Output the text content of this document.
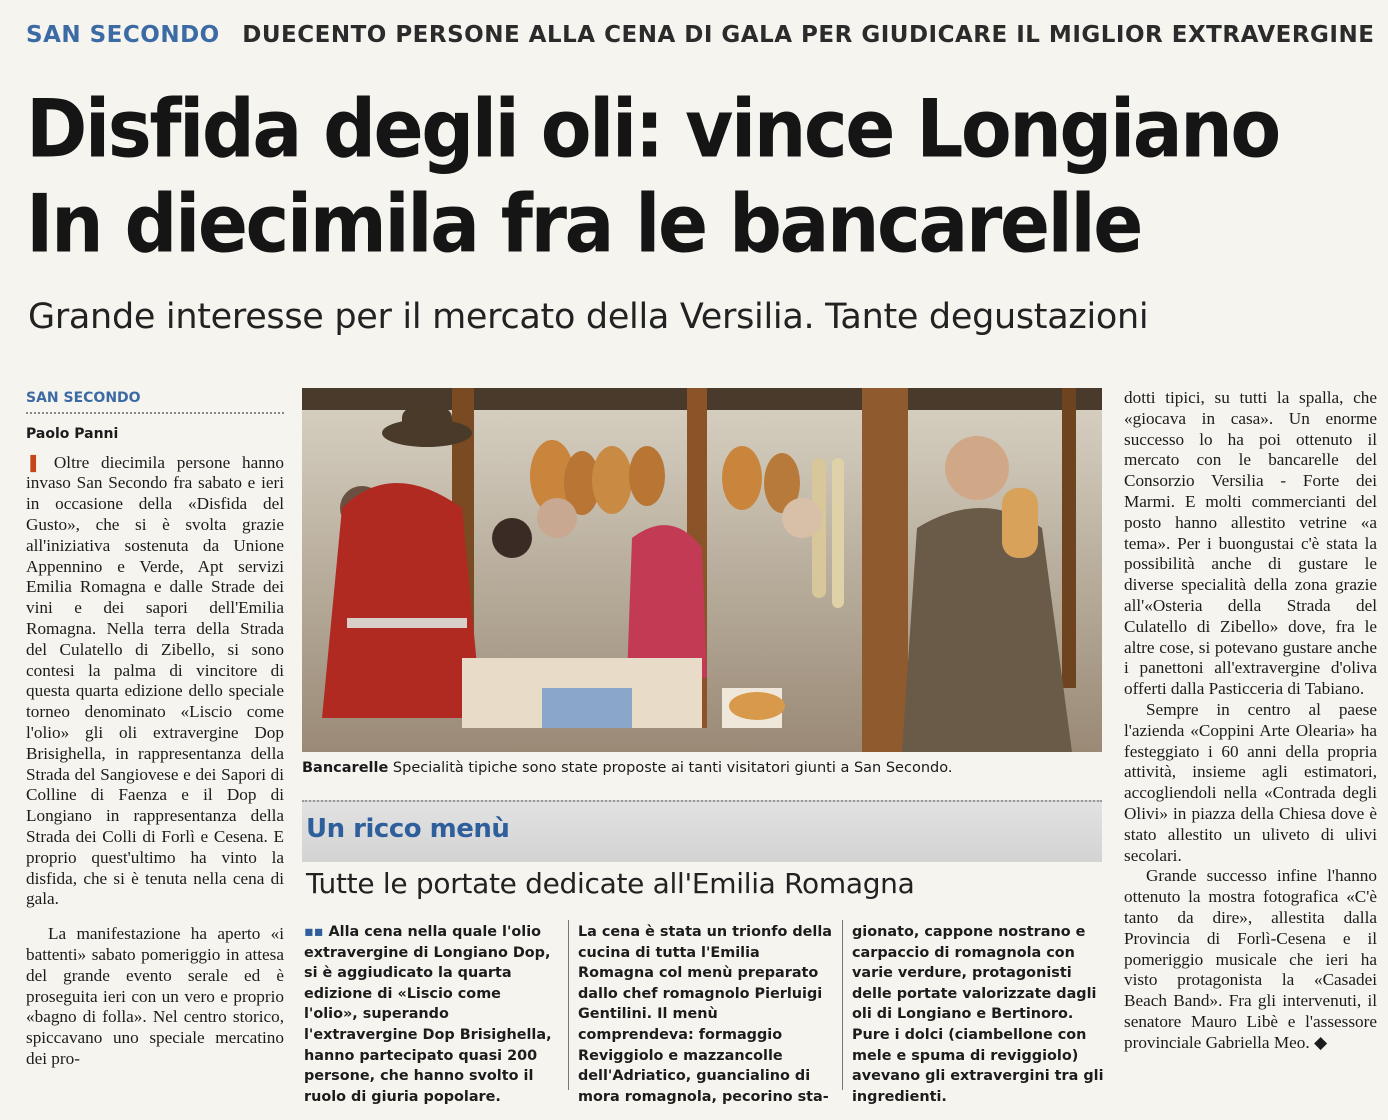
SAN SECONDO DUECENTO PERSONE ALLA CENA DI GALA PER GIUDICARE IL MIGLIOR EXTRAVERGINE
Disfida degli oli: vince Longiano
In diecimila fra le bancarelle
Grande interesse per il mercato della Versilia. Tante degustazioni
SAN SECONDO
Paolo Panni

❚ Oltre diecimila persone hanno invaso San Secondo fra sabato e ieri in occasione della «Disfida del Gusto», che si è svolta grazie all'iniziativa sostenuta da Unione Appennino e Verde, Apt servizi Emilia Romagna e dalle Strade dei vini e dei sapori dell'Emilia Romagna. Nella terra della Strada del Culatello di Zibello, si sono contesi la palma di vincitore di questa quarta edizione dello speciale torneo denominato «Liscio come l'olio» gli oli extravergine Dop Brisighella, in rappresentanza della Strada del Sangiovese e dei Sapori di Colline di Faenza e il Dop di Longiano in rappresentanza della Strada dei Colli di Forlì e Cesena. E proprio quest'ultimo ha vinto la disfida, che si è tenuta nella cena di gala.

La manifestazione ha aperto «i battenti» sabato pomeriggio in attesa del grande evento serale ed è proseguita ieri con un vero e proprio «bagno di folla». Nel centro storico, spiccavano uno speciale mercatino dei pro-

Bancarelle Specialità tipiche sono state proposte ai tanti visitatori giunti a San Secondo.
Un ricco menù
Tutte le portate dedicate all'Emilia Romagna
▪▪ Alla cena nella quale l'olio extravergine di Longiano Dop, si è aggiudicato la quarta edizione di «Liscio come l'olio», superando l'extravergine Dop Brisighella, hanno partecipato quasi 200 persone, che hanno svolto il ruolo di giuria popolare.
La cena è stata un trionfo della cucina di tutta l'Emilia Romagna col menù preparato dallo chef romagnolo Pierluigi Gentilini. Il menù comprendeva: formaggio Reviggiolo e mazzancolle dell'Adriatico, guancialino di mora romagnola, pecorino sta-
gionato, cappone nostrano e carpaccio di romagnola con varie verdure, protagonisti delle portate valorizzate dagli oli di Longiano e Bertinoro. Pure i dolci (ciambellone con mele e spuma di reviggiolo) avevano gli extravergini tra gli ingredienti.

dotti tipici, su tutti la spalla, che «giocava in casa». Un enorme successo lo ha poi ottenuto il mercato con le bancarelle del Consorzio Versilia - Forte dei Marmi. E molti commercianti del posto hanno allestito vetrine «a tema». Per i buongustai c'è stata la possibilità anche di gustare le diverse specialità della zona grazie all'«Osteria della Strada del Culatello di Zibello» dove, fra le altre cose, si potevano gustare anche i panettoni all'extravergine d'oliva offerti dalla Pasticceria di Tabiano.

Sempre in centro al paese l'azienda «Coppini Arte Olearia» ha festeggiato i 60 anni della propria attività, insieme agli estimatori, accogliendoli nella «Contrada degli Olivi» in piazza della Chiesa dove è stato allestito un uliveto di ulivi secolari.

Grande successo infine l'hanno ottenuto la mostra fotografica «C'è tanto da dire», allestita dalla Provincia di Forlì-Cesena e il pomeriggio musicale che ieri ha visto protagonista la «Casadei Beach Band». Fra gli intervenuti, il senatore Mauro Libè e l'assessore provinciale Gabriella Meo. ◆
